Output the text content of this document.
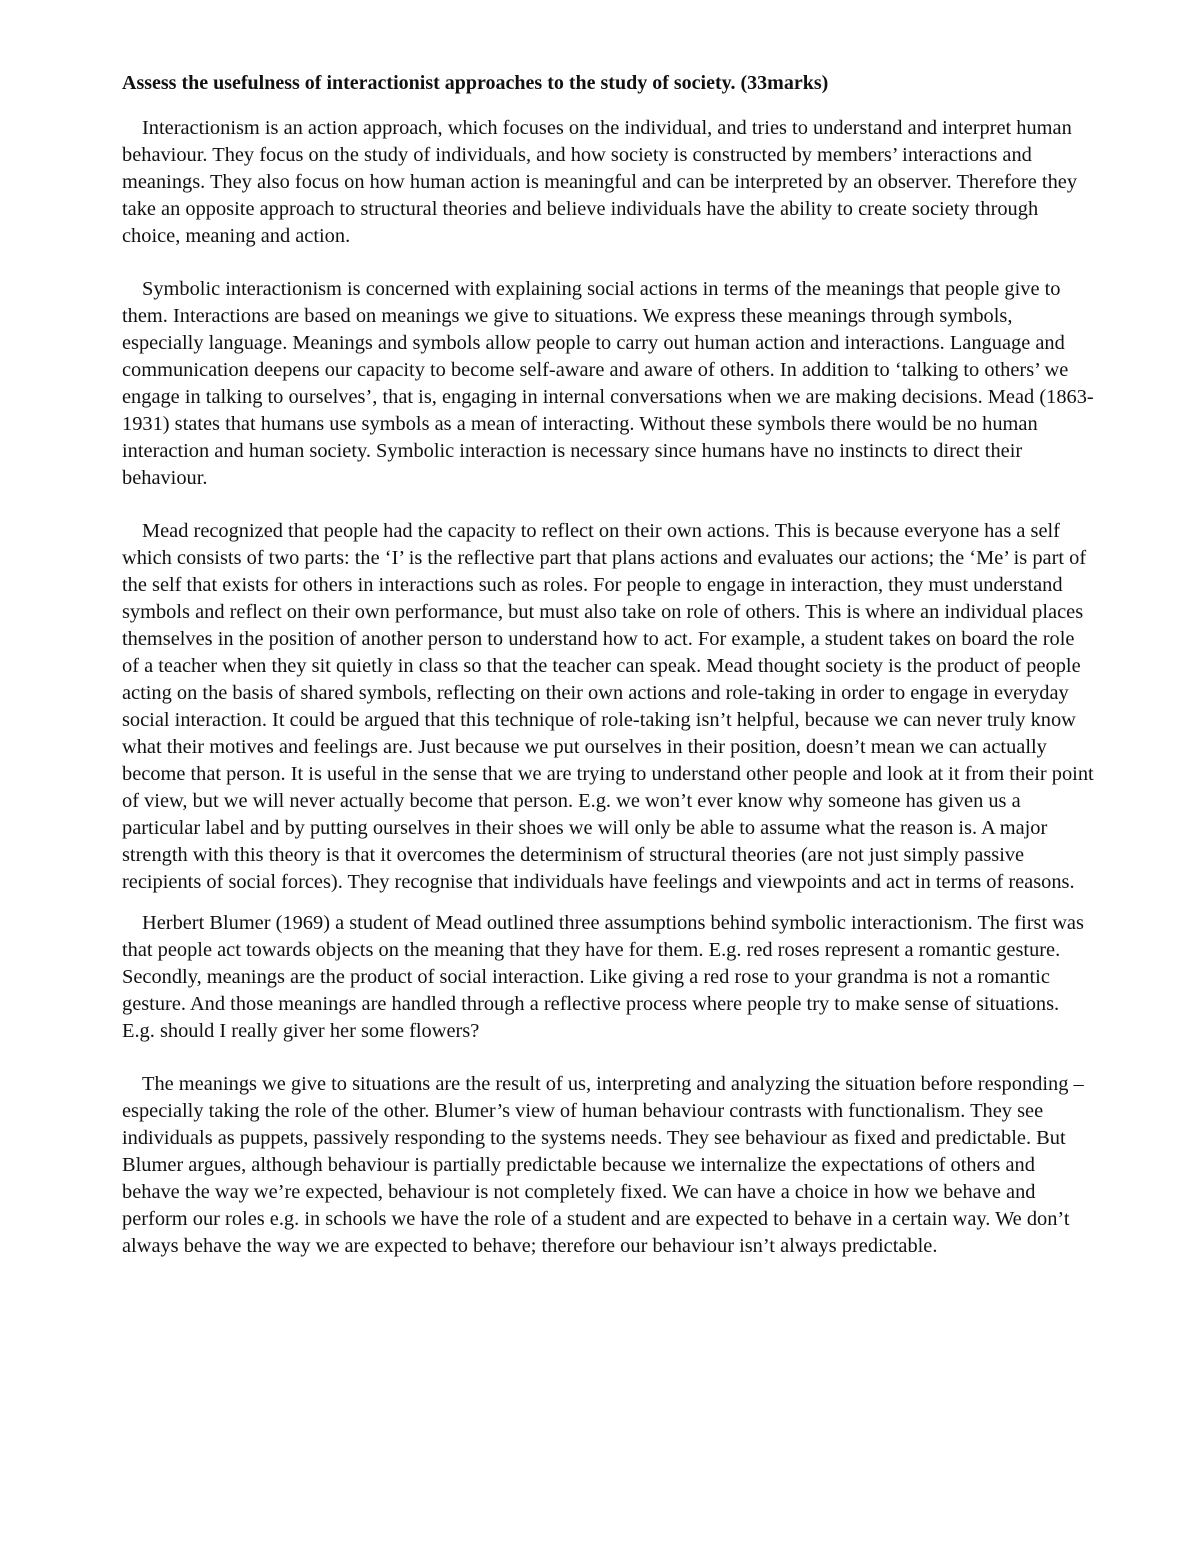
Assess the usefulness of interactionist approaches to the study of society. (33marks)

Interactionism is an action approach, which focuses on the individual, and tries to understand and interpret human behaviour. They focus on the study of individuals, and how society is constructed by members’ interactions and meanings. They also focus on how human action is meaningful and can be interpreted by an observer. Therefore they take an opposite approach to structural theories and believe individuals have the ability to create society through choice, meaning and action.

Symbolic interactionism is concerned with explaining social actions in terms of the meanings that people give to them. Interactions are based on meanings we give to situations. We express these meanings through symbols, especially language. Meanings and symbols allow people to carry out human action and interactions. Language and communication deepens our capacity to become self-aware and aware of others. In addition to ‘talking to others’ we engage in talking to ourselves’, that is, engaging in internal conversations when we are making decisions. Mead (1863-1931) states that humans use symbols as a mean of interacting. Without these symbols there would be no human interaction and human society. Symbolic interaction is necessary since humans have no instincts to direct their behaviour.

Mead recognized that people had the capacity to reflect on their own actions. This is because everyone has a self which consists of two parts: the ‘I’ is the reflective part that plans actions and evaluates our actions; the ‘Me’ is part of the self that exists for others in interactions such as roles. For people to engage in interaction, they must understand symbols and reflect on their own performance, but must also take on role of others. This is where an individual places themselves in the position of another person to understand how to act. For example, a student takes on board the role of a teacher when they sit quietly in class so that the teacher can speak. Mead thought society is the product of people acting on the basis of shared symbols, reflecting on their own actions and role-taking in order to engage in everyday social interaction. It could be argued that this technique of role-taking isn’t helpful, because we can never truly know what their motives and feelings are. Just because we put ourselves in their position, doesn’t mean we can actually become that person. It is useful in the sense that we are trying to understand other people and look at it from their point of view, but we will never actually become that person. E.g. we won’t ever know why someone has given us a particular label and by putting ourselves in their shoes we will only be able to assume what the reason is. A major strength with this theory is that it overcomes the determinism of structural theories (are not just simply passive recipients of social forces). They recognise that individuals have feelings and viewpoints and act in terms of reasons.

Herbert Blumer (1969) a student of Mead outlined three assumptions behind symbolic interactionism. The first was that people act towards objects on the meaning that they have for them. E.g. red roses represent a romantic gesture. Secondly, meanings are the product of social interaction. Like giving a red rose to your grandma is not a romantic gesture. And those meanings are handled through a reflective process where people try to make sense of situations. E.g. should I really giver her some flowers?

The meanings we give to situations are the result of us, interpreting and analyzing the situation before responding – especially taking the role of the other. Blumer’s view of human behaviour contrasts with functionalism. They see individuals as puppets, passively responding to the systems needs. They see behaviour as fixed and predictable. But Blumer argues, although behaviour is partially predictable because we internalize the expectations of others and behave the way we’re expected, behaviour is not completely fixed. We can have a choice in how we behave and perform our roles e.g. in schools we have the role of a student and are expected to behave in a certain way. We don’t always behave the way we are expected to behave; therefore our behaviour isn’t always predictable.
